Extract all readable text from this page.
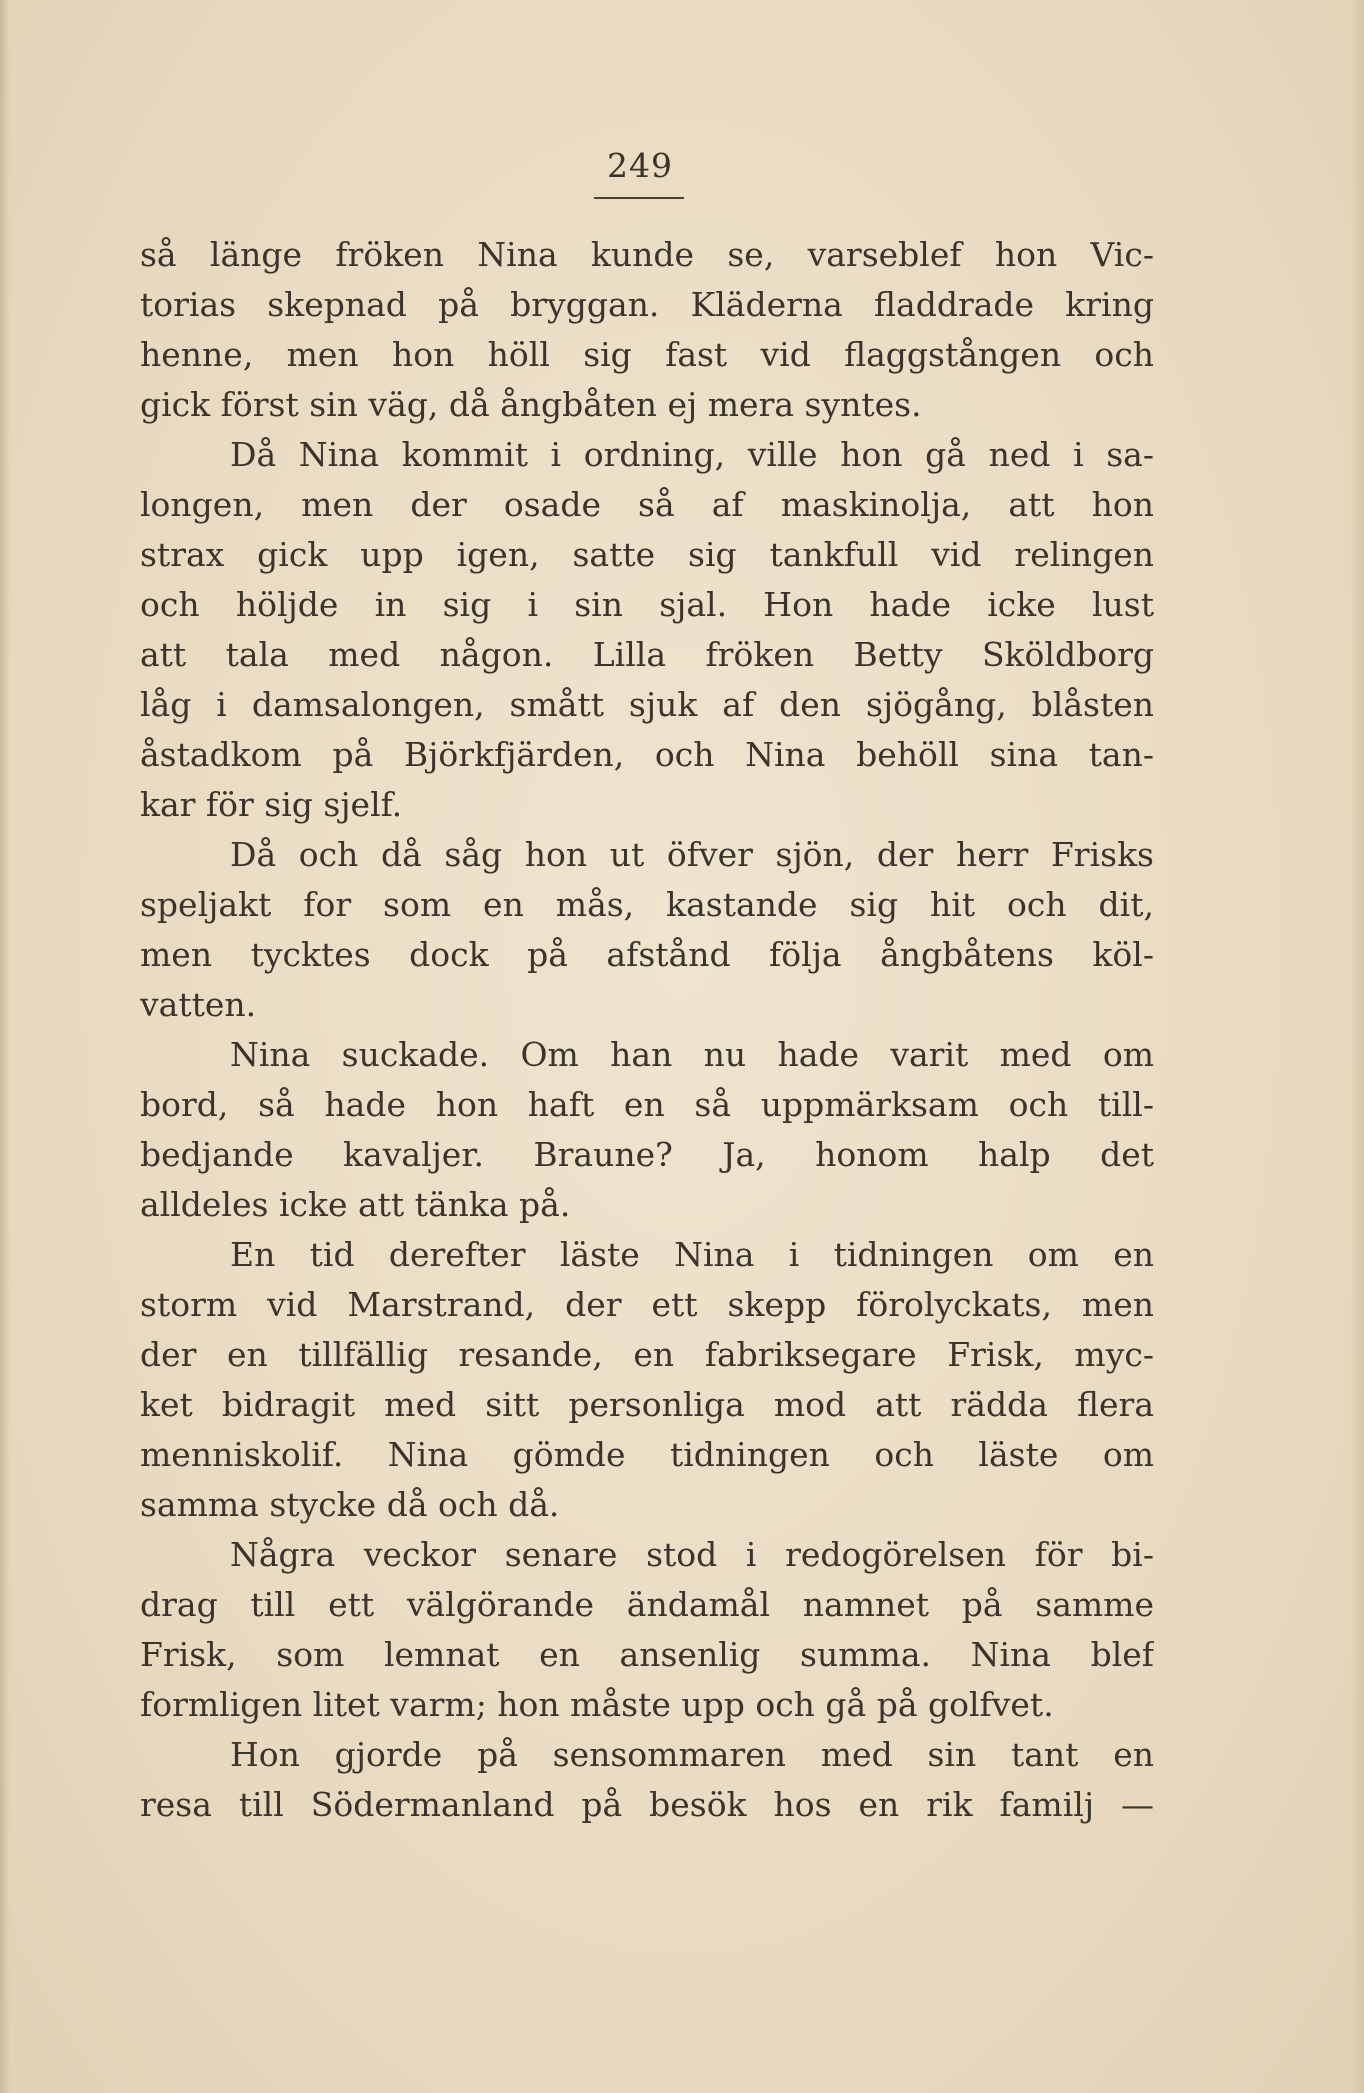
249
så länge fröken Nina kunde se, varseblef hon Vic-
torias skepnad på bryggan. Kläderna fladdrade kring
henne, men hon höll sig fast vid flaggstången och
gick först sin väg, då ångbåten ej mera syntes.
Då Nina kommit i ordning, ville hon gå ned i sa-
longen, men der osade så af maskinolja, att hon
strax gick upp igen, satte sig tankfull vid relingen
och höljde in sig i sin sjal. Hon hade icke lust
att tala med någon. Lilla fröken Betty Sköldborg
låg i damsalongen, smått sjuk af den sjögång, blåsten
åstadkom på Björkfjärden, och Nina behöll sina tan-
kar för sig sjelf.
Då och då såg hon ut öfver sjön, der herr Frisks
speljakt for som en mås, kastande sig hit och dit,
men tycktes dock på afstånd följa ångbåtens köl-
vatten.
Nina suckade. Om han nu hade varit med om
bord, så hade hon haft en så uppmärksam och till-
bedjande kavaljer. Braune? Ja, honom halp det
alldeles icke att tänka på.
En tid derefter läste Nina i tidningen om en
storm vid Marstrand, der ett skepp förolyckats, men
der en tillfällig resande, en fabriksegare Frisk, myc-
ket bidragit med sitt personliga mod att rädda flera
menniskolif. Nina gömde tidningen och läste om
samma stycke då och då.
Några veckor senare stod i redogörelsen för bi-
drag till ett välgörande ändamål namnet på samme
Frisk, som lemnat en ansenlig summa. Nina blef
formligen litet varm; hon måste upp och gå på golfvet.
Hon gjorde på sensommaren med sin tant en
resa till Södermanland på besök hos en rik familj —
